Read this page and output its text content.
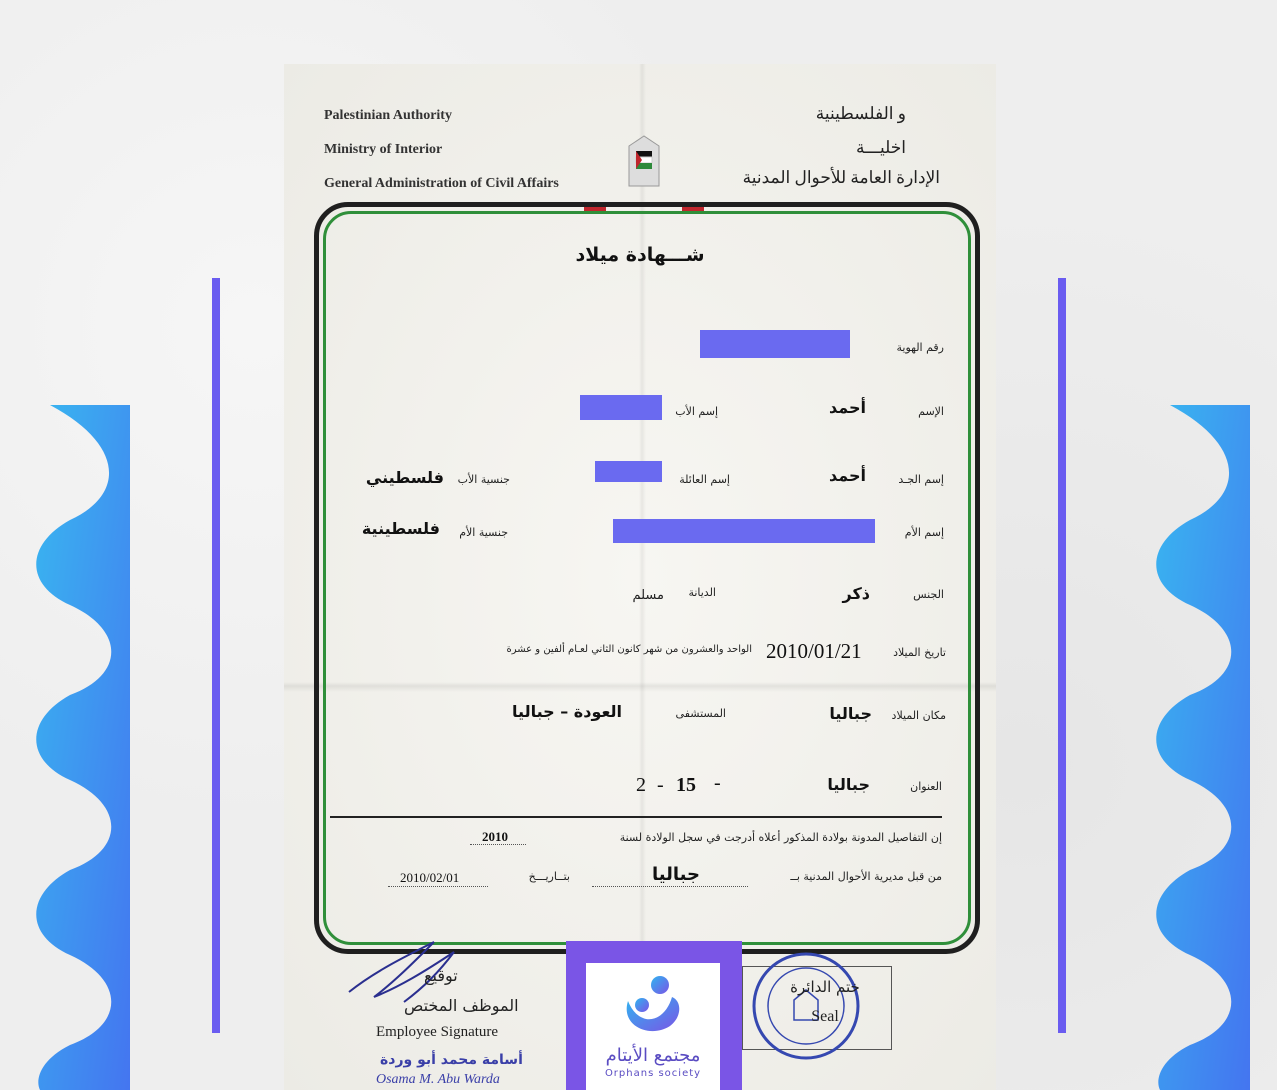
Palestinian Authority
Ministry of Interior
General Administration of Civil Affairs
و الفلسطينية
اخليـــة
الإدارة العامة للأحوال المدنية
شـــهادة ميلاد
رقم الهوية
الإسم
أحمد
إسم الأب
إسم الجـد
أحمد
إسم العائلة
جنسية الأب
فلسطيني
إسم الأم
جنسية الأم
فلسطينية
الجنس
ذكر
الديانة
مسلم
تاريخ الميلاد
2010/01/21
الواحد والعشرون من شهر كانون الثاني لعـام ألفين و عشرة
مكان الميلاد
جباليا
المستشفى
العودة – جباليا
العنوان
جباليا
-
15
-
2
إن التفاصيل المدونة بولادة المذكور أعلاه أدرجت في سجل الولادة لسنة
2010
من قبل مديرية الأحوال المدنية بــ
جباليا
بتــاريـــخ
2010/02/01
توقيع
الموظف المختص
Employee Signature
أسامة محمد أبو وردة
Osama M. Abu Warda
ختم الدائرة
Seal
مجتمع الأيتام
Orphans society
